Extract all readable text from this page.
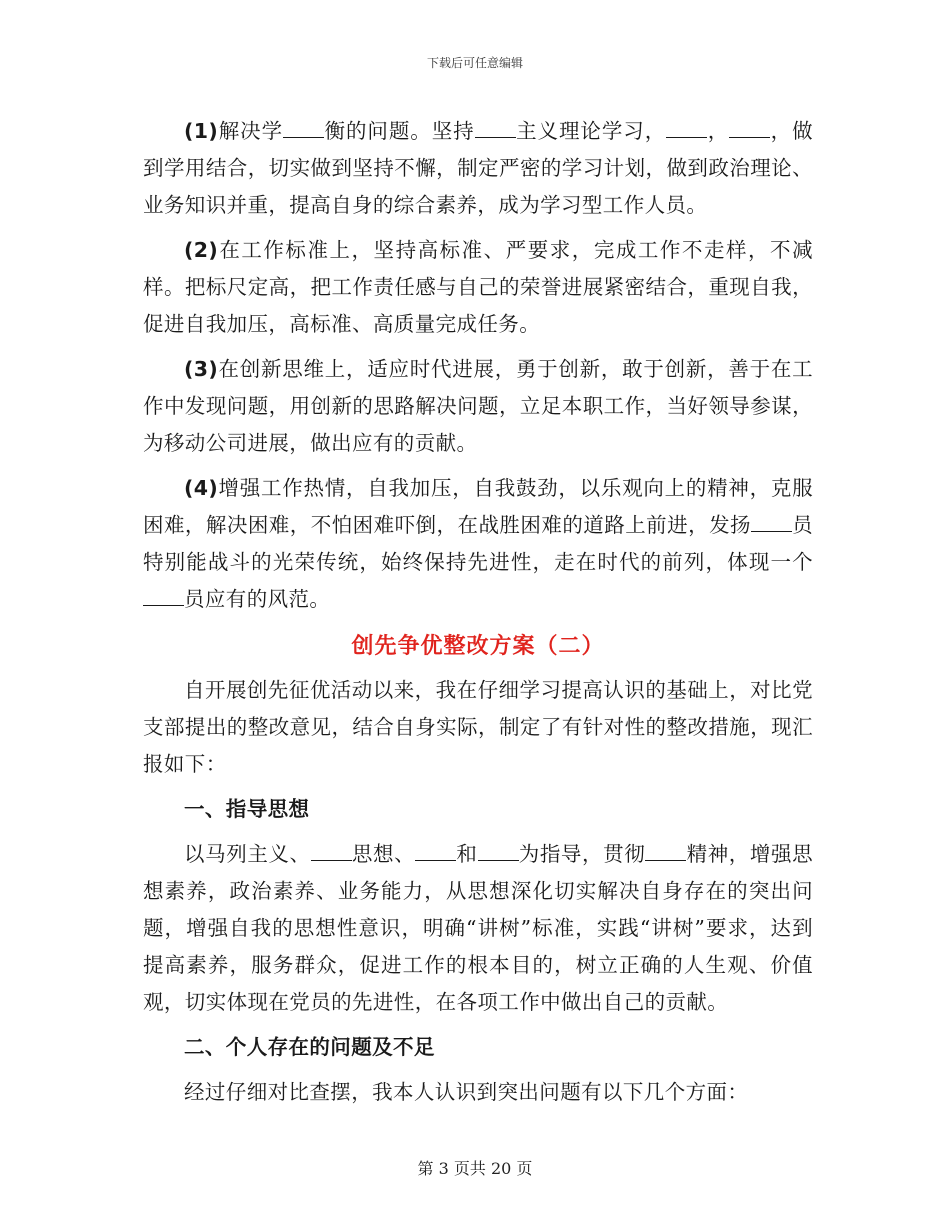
下载后可任意编辑

(1)解决学 衡的问题。坚持 主义理论学习， ， ，做到学用结合，切实做到坚持不懈，制定严密的学习计划，做到政治理论、业务知识并重，提高自身的综合素养，成为学习型工作人员。

(2)在工作标准上，坚持高标准、严要求，完成工作不走样，不减样。把标尺定高，把工作责任感与自己的荣誉进展紧密结合，重现自我，促进自我加压，高标准、高质量完成任务。

(3)在创新思维上，适应时代进展，勇于创新，敢于创新，善于在工作中发现问题，用创新的思路解决问题，立足本职工作，当好领导参谋，为移动公司进展，做出应有的贡献。

(4)增强工作热情，自我加压，自我鼓劲，以乐观向上的精神，克服困难，解决困难，不怕困难吓倒，在战胜困难的道路上前进，发扬 员特别能战斗的光荣传统，始终保持先进性，走在时代的前列，体现一个员应有的风范。

创先争优整改方案（二）

自开展创先征优活动以来，我在仔细学习提高认识的基础上，对比党支部提出的整改意见，结合自身实际，制定了有针对性的整改措施，现汇报如下：

一、指导思想

以马列主义、 思想、 和 为指导，贯彻 精神，增强思想素养，政治素养、业务能力，从思想深化切实解决自身存在的突出问题，增强自我的思想性意识，明确“讲树”标准，实践“讲树”要求，达到提高素养，服务群众，促进工作的根本目的，树立正确的人生观、价值观，切实体现在党员的先进性，在各项工作中做出自己的贡献。

二、个人存在的问题及不足

经过仔细对比查摆，我本人认识到突出问题有以下几个方面：

第 3 页共 20 页
